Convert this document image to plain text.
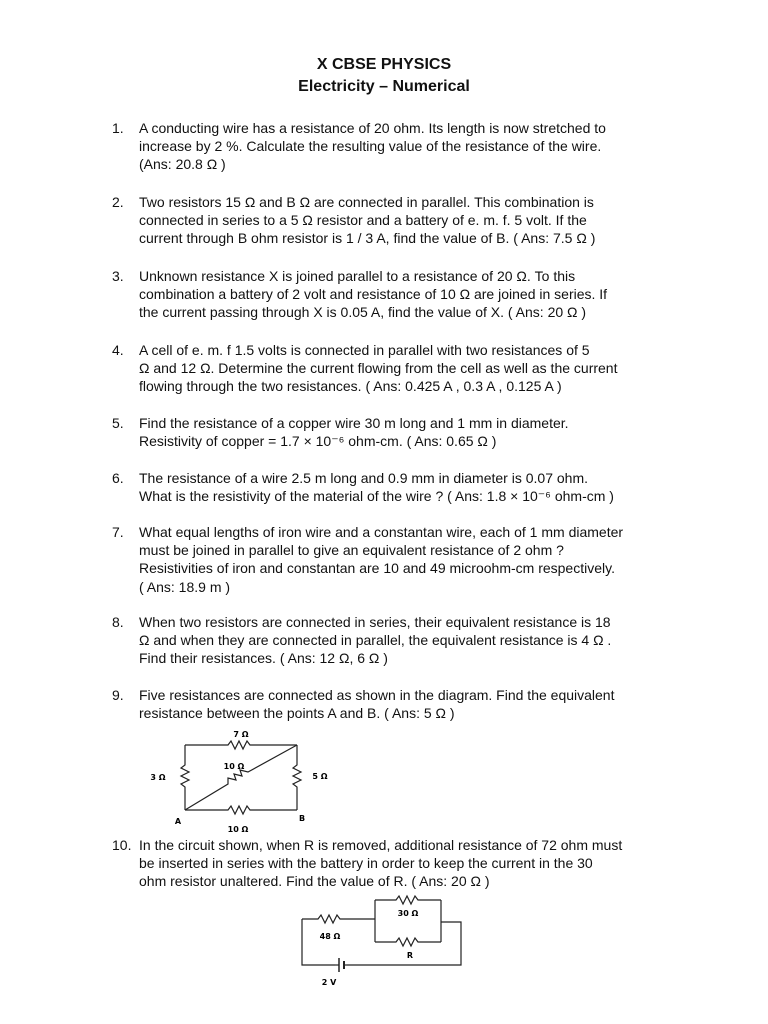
X CBSE PHYSICS
Electricity – Numerical
1. A conducting wire has a resistance of 20 ohm. Its length is now stretched to
increase by 2 %. Calculate the resulting value of the resistance of the wire.
(Ans: 20.8 Ω )
2. Two resistors 15 Ω and B Ω are connected in parallel. This combination is
connected in series to a 5 Ω resistor and a battery of e. m. f. 5 volt. If the
current through B ohm resistor is 1 / 3 A, find the value of B. ( Ans: 7.5 Ω )
3. Unknown resistance X is joined parallel to a resistance of 20 Ω. To this
combination a battery of 2 volt and resistance of 10 Ω are joined in series. If
the current passing through X is 0.05 A, find the value of X. ( Ans: 20 Ω )
4. A cell of e. m. f 1.5 volts is connected in parallel with two resistances of 5
Ω and 12 Ω. Determine the current flowing from the cell as well as the current
flowing through the two resistances. ( Ans: 0.425 A , 0.3 A , 0.125 A )
5. Find the resistance of a copper wire 30 m long and 1 mm in diameter.
Resistivity of copper = 1.7 × 10⁻⁶ ohm-cm. ( Ans: 0.65 Ω )
6. The resistance of a wire 2.5 m long and 0.9 mm in diameter is 0.07 ohm.
What is the resistivity of the material of the wire ? ( Ans: 1.8 × 10⁻⁶ ohm-cm )
7. What equal lengths of iron wire and a constantan wire, each of 1 mm diameter
must be joined in parallel to give an equivalent resistance of 2 ohm ?
Resistivities of iron and constantan are 10 and 49 microohm-cm respectively.
( Ans: 18.9 m )
8. When two resistors are connected in series, their equivalent resistance is 18
Ω and when they are connected in parallel, the equivalent resistance is 4 Ω .
Find their resistances. ( Ans: 12 Ω, 6 Ω )
9. Five resistances are connected as shown in the diagram. Find the equivalent
resistance between the points A and B. ( Ans: 5 Ω )
7 Ω
10 Ω
3 Ω	5 Ω
10 Ω
A	B
10. In the circuit shown, when R is removed, additional resistance of 72 ohm must
be inserted in series with the battery in order to keep the current in the 30
ohm resistor unaltered. Find the value of R. ( Ans: 20 Ω )
48 Ω
30 Ω
R
2 V
